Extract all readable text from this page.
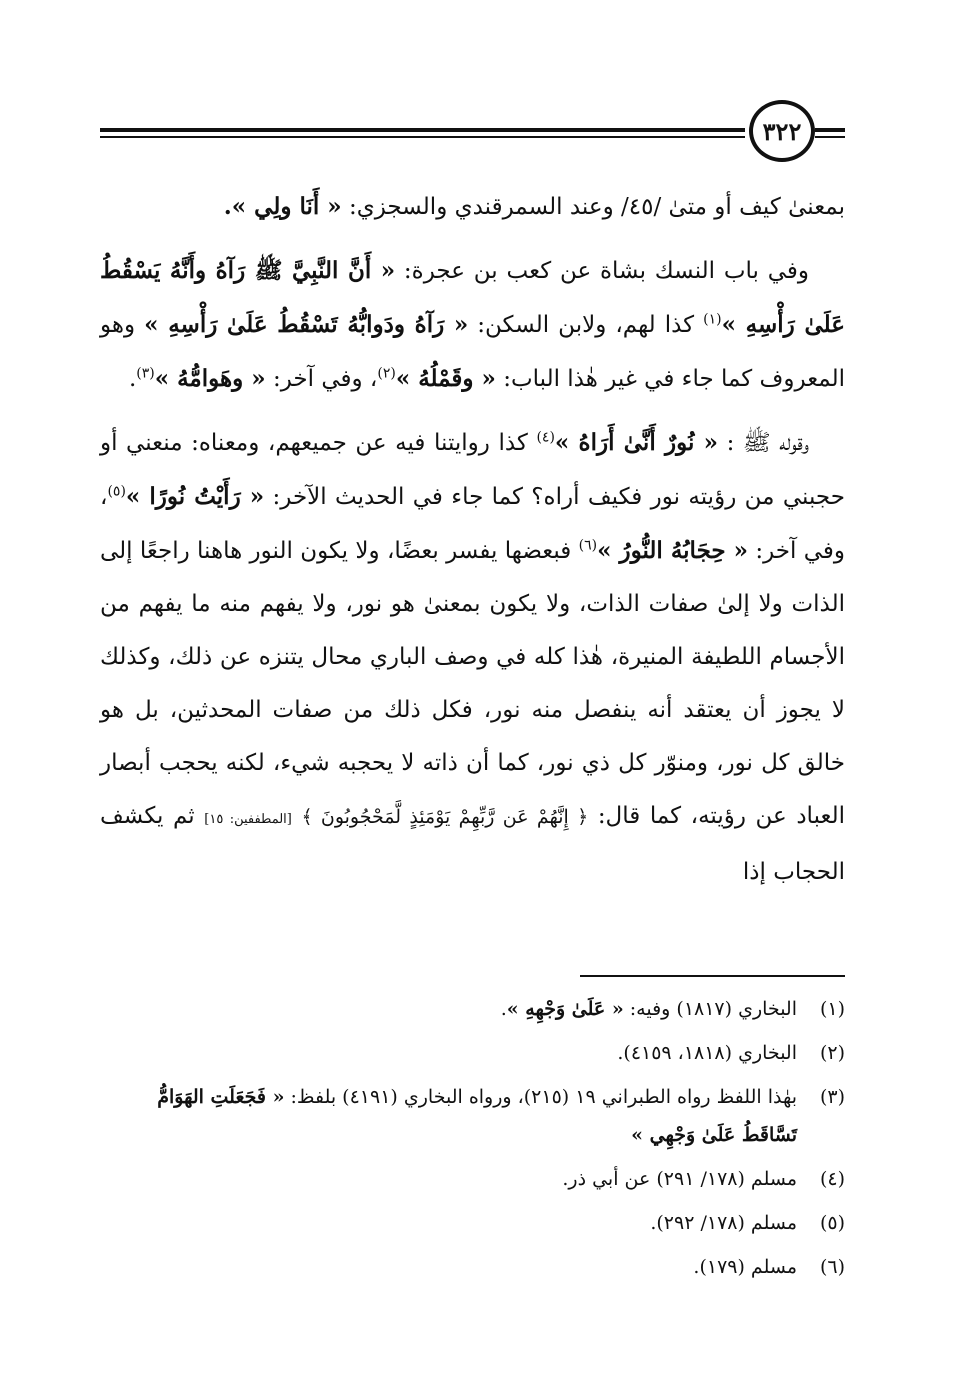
٣٢٢

بمعنىٰ كيف أو متىٰ /٤٥/ وعند السمرقندي والسجزي: « أَنَا ولِي ».

وفي باب النسك بشاة عن كعب بن عجرة: « أَنَّ النَّبِيَّ ﷺ رَآهُ وأَنَّهُ يَسْقُطُ عَلَىٰ رَأْسِهِ »$^{(١)}$ كذا لهم، ولابن السكن: « رَآهُ ودَوابُّهُ تَسْقُطُ عَلَىٰ رَأْسِهِ » وهو المعروف كما جاء في غير هٰذا الباب: « وقَمْلُهُ »$^{(٢)}$، وفي آخر: « وهَوامُّهُ »$^{(٣)}$.

وقوله ﷺ : « نُورٌ أَنَّىٰ أَرَاهُ »$^{(٤)}$ كذا روايتنا فيه عن جميعهم، ومعناه: منعني أو حجبني من رؤيته نور فكيف أراه؟ كما جاء في الحديث الآخر: « رَأَيْتُ نُورًا »$^{(٥)}$، وفي آخر: « حِجَابُهُ النُّورُ »$^{(٦)}$ فبعضها يفسر بعضًا، ولا يكون النور هاهنا راجعًا إلى الذات ولا إلىٰ صفات الذات، ولا يكون بمعنىٰ هو نور، ولا يفهم منه ما يفهم من الأجسام اللطيفة المنيرة، هٰذا كله في وصف الباري محال يتنزه عن ذلك، وكذلك لا يجوز أن يعتقد أنه ينفصل منه نور، فكل ذلك من صفات المحدثين، بل هو خالق كل نور، ومنوّر كل ذي نور، كما أن ذاته لا يحجبه شيء، لكنه يحجب أبصار العباد عن رؤيته، كما قال: ﴿ إِنَّهُمْ عَن رَّبِّهِمْ يَوْمَئِذٍ لَّمَحْجُوبُونَ ﴾ [المطففين: ١٥] ثم يكشف الحجاب إذا

(١)
البخاري (١٨١٧) وفيه: « عَلَىٰ وَجْهِهِ ».

(٢)
البخاري (١٨١٨، ٤١٥٩).

(٣)
بهٰذا اللفظ رواه الطبراني ١٩ (٢١٥)، ورواه البخاري (٤١٩١) بلفظ: « فَجَعَلَتِ الهَوَامُّ تَسَّاقَطُ عَلَىٰ وَجْهِي »

(٤)
مسلم (١٧٨/ ٢٩١) عن أبي ذر.

(٥)
مسلم (١٧٨/ ٢٩٢).

(٦)
مسلم (١٧٩).
